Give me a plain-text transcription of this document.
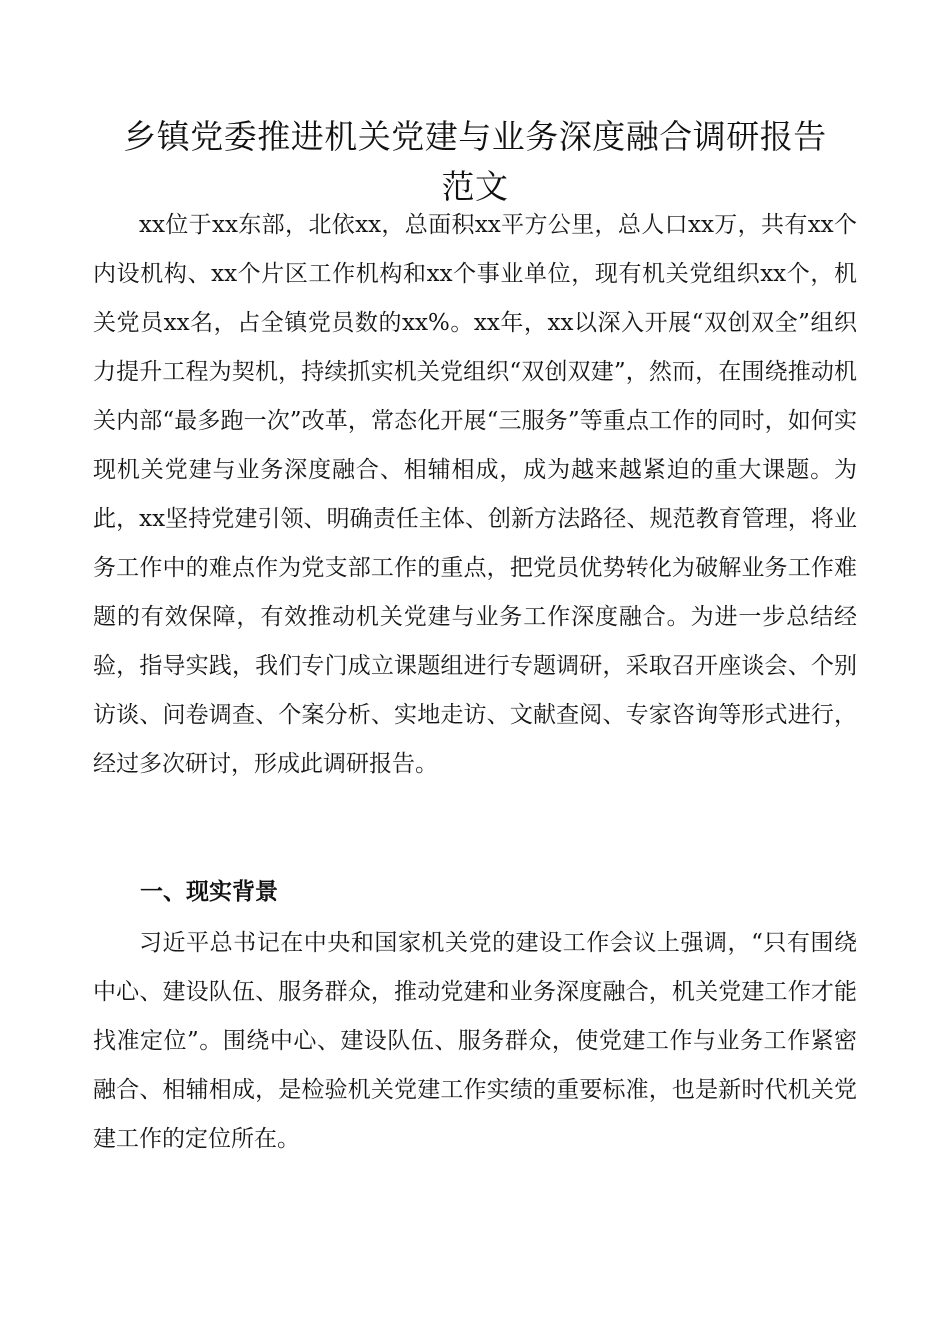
乡镇党委推进机关党建与业务深度融合调研报告
范文

xx位于xx东部，北依xx，总面积xx平方公里，总人口xx万，共有xx个内设机构、xx个片区工作机构和xx个事业单位，现有机关党组织xx个，机关党员xx名，占全镇党员数的xx%。xx年，xx以深入开展“双创双全”组织力提升工程为契机，持续抓实机关党组织“双创双建”，然而，在围绕推动机关内部“最多跑一次”改革，常态化开展“三服务”等重点工作的同时，如何实现机关党建与业务深度融合、相辅相成，成为越来越紧迫的重大课题。为此，xx坚持党建引领、明确责任主体、创新方法路径、规范教育管理，将业务工作中的难点作为党支部工作的重点，把党员优势转化为破解业务工作难题的有效保障，有效推动机关党建与业务工作深度融合。为进一步总结经验，指导实践，我们专门成立课题组进行专题调研，采取召开座谈会、个别访谈、问卷调查、个案分析、实地走访、文献查阅、专家咨询等形式进行，经过多次研讨，形成此调研报告。

一、现实背景

习近平总书记在中央和国家机关党的建设工作会议上强调，“只有围绕中心、建设队伍、服务群众，推动党建和业务深度融合，机关党建工作才能找准定位”。围绕中心、建设队伍、服务群众，使党建工作与业务工作紧密融合、相辅相成，是检验机关党建工作实绩的重要标准，也是新时代机关党建工作的定位所在。
